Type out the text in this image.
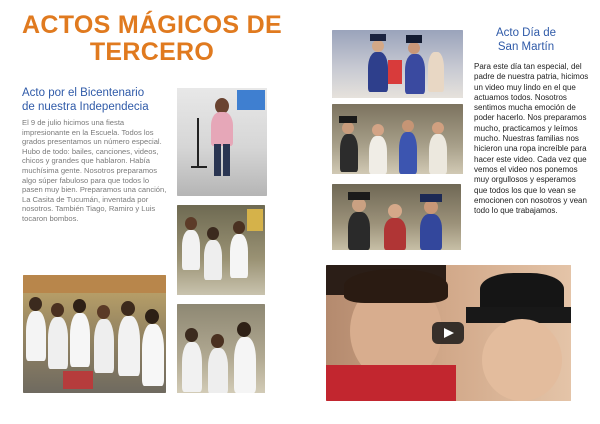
ACTOS MÁGICOS DE
TERCERO
Acto por el Bicentenario
de nuestra Independecia

El 9 de julio hicimos una fiesta impresionante en la Escuela. Todos los grados presentamos un número especial. Hubo de todo: bailes, canciones, videos, chicos y grandes que hablaron. Había muchísima gente. Nosotros preparamos algo súper fabuloso para que todos lo pasen muy bien. Preparamos una canción, La Casita de Tucumán, inventada por nosotros. También Tiago, Ramiro y Luis tocaron bombos.

Acto Día de
San Martín

Para este día tan especial, del padre de nuestra patria, hicimos un video muy lindo en el que actuamos todos. Nosotros sentimos mucha emoción de poder hacerlo. Nos preparamos mucho, practicamos y leímos mucho. Nuestras familias nos hicieron una ropa increíble para hacer este video. Cada vez que vemos el video nos ponemos muy orgullosos y esperamos que todos los que lo vean se emocionen con nosotros y vean todo lo que trabajamos.
